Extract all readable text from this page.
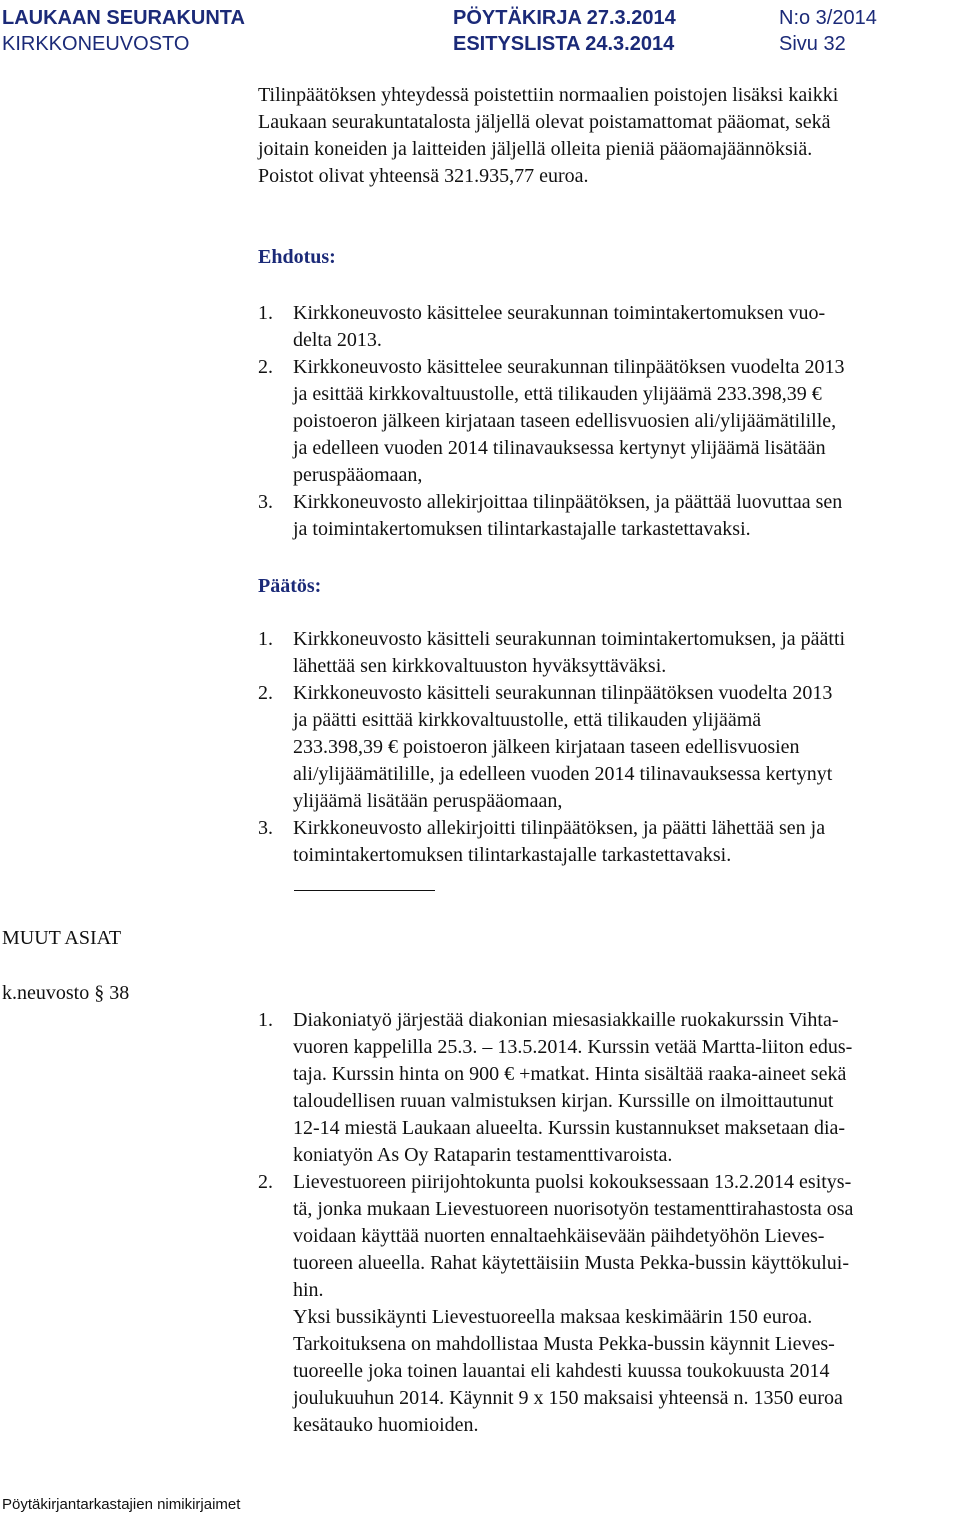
LAUKAAN SEURAKUNTA
KIRKKONEUVOSTO
PÖYTÄKIRJA 27.3.2014
ESITYSLISTA 24.3.2014
N:o 3/2014
Sivu 32
Tilinpäätöksen yhteydessä poistettiin normaalien poistojen lisäksi kaikki
Laukaan seurakuntatalosta jäljellä olevat poistamattomat pääomat, sekä
joitain koneiden ja laitteiden jäljellä olleita pieniä pääomajäännöksiä.
Poistot olivat yhteensä 321.935,77 euroa.
Ehdotus:
1. Kirkkoneuvosto käsittelee seurakunnan toimintakertomuksen vuo-
delta 2013.
2. Kirkkoneuvosto käsittelee seurakunnan tilinpäätöksen vuodelta 2013
ja esittää kirkkovaltuustolle, että tilikauden ylijäämä 233.398,39 €
poistoeron jälkeen kirjataan taseen edellisvuosien ali/ylijäämätilille,
ja edelleen vuoden 2014 tilinavauksessa kertynyt ylijäämä lisätään
peruspääomaan,
3. Kirkkoneuvosto allekirjoittaa tilinpäätöksen, ja päättää luovuttaa sen
ja toimintakertomuksen tilintarkastajalle tarkastettavaksi.
Päätös:
1. Kirkkoneuvosto käsitteli seurakunnan toimintakertomuksen, ja päätti
lähettää sen kirkkovaltuuston hyväksyttäväksi.
2. Kirkkoneuvosto käsitteli seurakunnan tilinpäätöksen vuodelta 2013
ja päätti esittää kirkkovaltuustolle, että tilikauden ylijäämä
233.398,39 € poistoeron jälkeen kirjataan taseen edellisvuosien
ali/ylijäämätilille, ja edelleen vuoden 2014 tilinavauksessa kertynyt
ylijäämä lisätään peruspääomaan,
3. Kirkkoneuvosto allekirjoitti tilinpäätöksen, ja päätti lähettää sen ja
toimintakertomuksen tilintarkastajalle tarkastettavaksi.
MUUT ASIAT
k.neuvosto § 38
1. Diakoniatyö järjestää diakonian miesasiakkaille ruokakurssin Vihta-
vuoren kappelilla 25.3. – 13.5.2014. Kurssin vetää Martta-liiton edus-
taja. Kurssin hinta on 900 € +matkat. Hinta sisältää raaka-aineet sekä
taloudellisen ruuan valmistuksen kirjan. Kurssille on ilmoittautunut
12-14 miestä Laukaan alueelta. Kurssin kustannukset maksetaan dia-
koniatyön As Oy Rataparin testamenttivaroista.
2. Lievestuoreen piirijohtokunta puolsi kokouksessaan 13.2.2014 esitys-
tä, jonka mukaan Lievestuoreen nuorisotyön testamenttirahastosta osa
voidaan käyttää nuorten ennaltaehkäisevään päihdetyöhön Lieves-
tuoreen alueella. Rahat käytettäisiin Musta Pekka-bussin käyttökului-
hin.
Yksi bussikäynti Lievestuoreella maksaa keskimäärin 150 euroa.
Tarkoituksena on mahdollistaa Musta Pekka-bussin käynnit Lieves-
tuoreelle joka toinen lauantai eli kahdesti kuussa toukokuusta 2014
joulukuuhun 2014. Käynnit 9 x 150 maksaisi yhteensä n. 1350 euroa
kesätauko huomioiden.
Pöytäkirjantarkastajien nimikirjaimet
